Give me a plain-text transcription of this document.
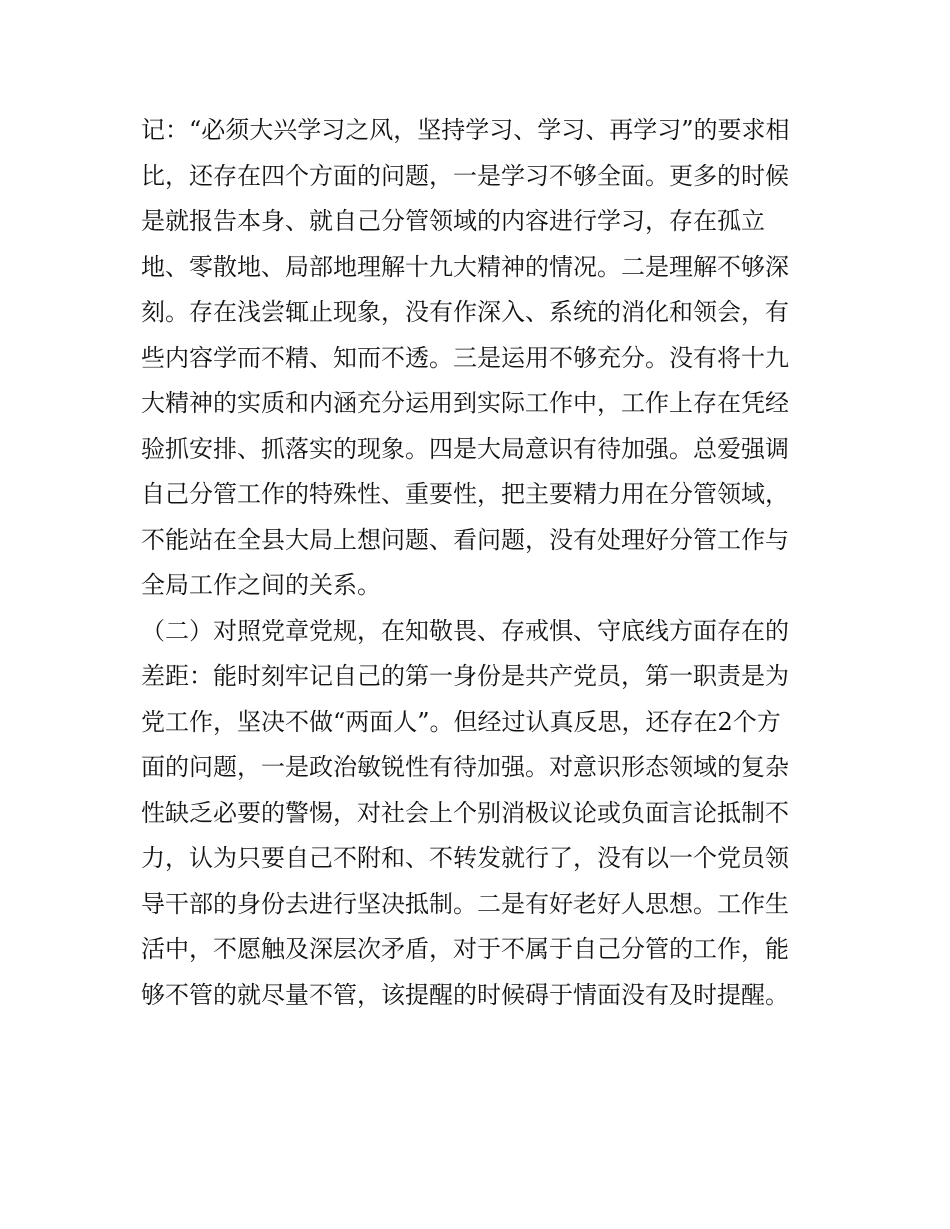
记：“必须大兴学习之风，坚持学习、学习、再学习”的要求相
比，还存在四个方面的问题，一是学习不够全面。更多的时候
是就报告本身、就自己分管领域的内容进行学习，存在孤立
地、零散地、局部地理解十九大精神的情况。二是理解不够深
刻。存在浅尝辄止现象，没有作深入、系统的消化和领会，有
些内容学而不精、知而不透。三是运用不够充分。没有将十九
大精神的实质和内涵充分运用到实际工作中，工作上存在凭经
验抓安排、抓落实的现象。四是大局意识有待加强。总爱强调
自己分管工作的特殊性、重要性，把主要精力用在分管领域，
不能站在全县大局上想问题、看问题，没有处理好分管工作与
全局工作之间的关系。
（二）对照党章党规，在知敬畏、存戒惧、守底线方面存在的
差距：能时刻牢记自己的第一身份是共产党员，第一职责是为
党工作，坚决不做“两面人”。但经过认真反思，还存在2个方
面的问题，一是政治敏锐性有待加强。对意识形态领域的复杂
性缺乏必要的警惕，对社会上个别消极议论或负面言论抵制不
力，认为只要自己不附和、不转发就行了，没有以一个党员领
导干部的身份去进行坚决抵制。二是有好老好人思想。工作生
活中，不愿触及深层次矛盾，对于不属于自己分管的工作，能
够不管的就尽量不管，该提醒的时候碍于情面没有及时提醒。
